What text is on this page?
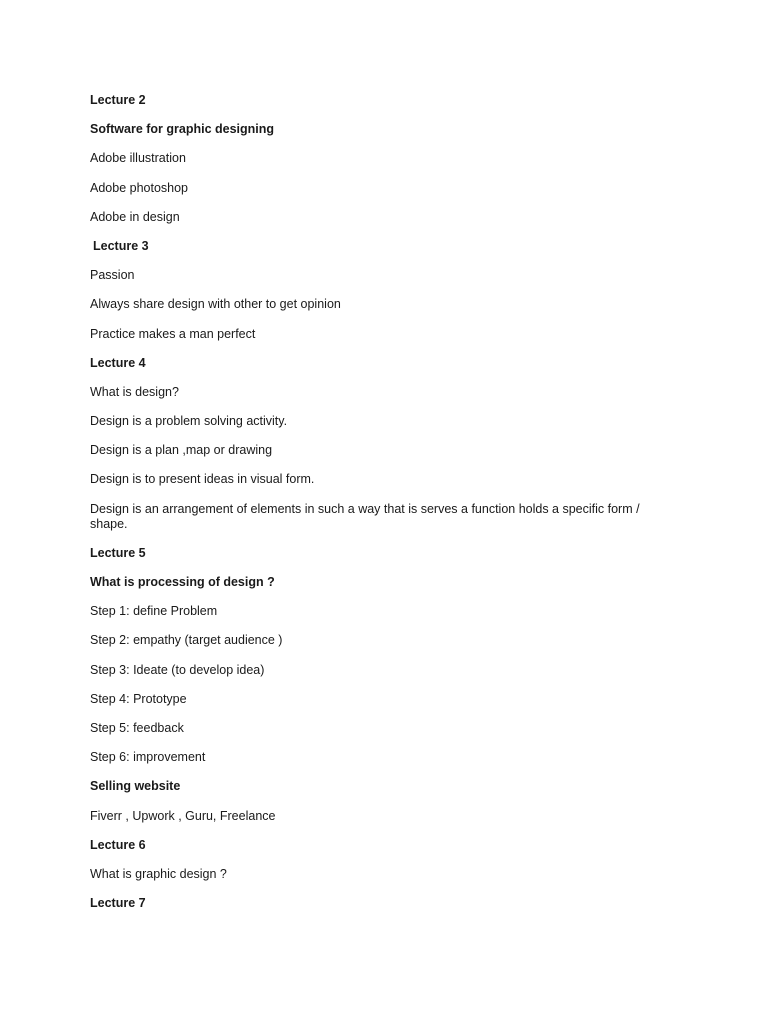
Lecture 2
Software for graphic designing
Adobe illustration
Adobe photoshop
Adobe in design
Lecture 3
Passion
Always share design with other to get opinion
Practice makes a man perfect
Lecture 4
What is design?
Design is a problem solving activity.
Design is a plan ,map or drawing
Design is to present ideas in visual form.
Design is an arrangement of elements in such a way that is serves a function holds a specific form / shape.
Lecture 5
What is processing of design ?
Step 1: define Problem
Step 2: empathy (target audience )
Step 3: Ideate (to develop idea)
Step 4: Prototype
Step 5: feedback
Step 6: improvement
Selling website
Fiverr , Upwork , Guru, Freelance
Lecture 6
What is graphic design ?
Lecture 7
